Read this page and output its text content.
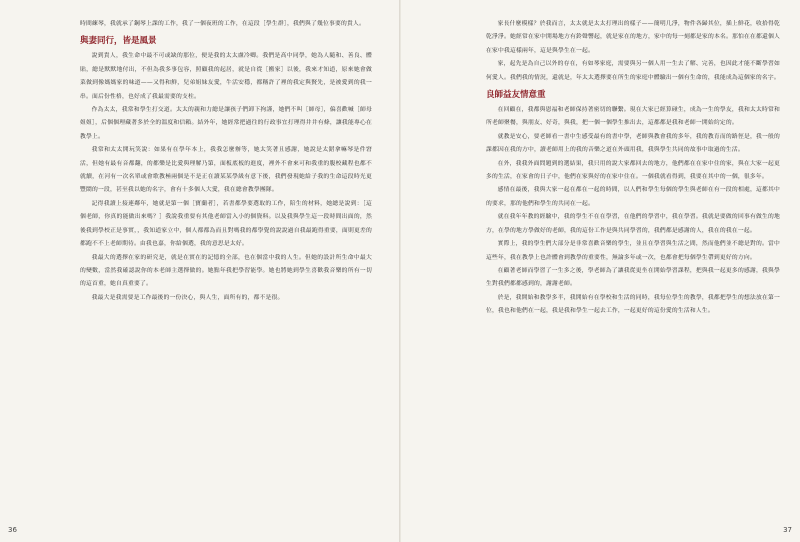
時間練琴，我就承了鋼琴上課的工作，我了一個夜班的工作，在這段［學生群］，我們與了幾位事要的貴人。

與妻同行，皆是風景

說到貴人，我生命中最不可或缺的那位，便是我的太太盧冷卿。我們是高中同學，她為人隨和、善良、體貼，總是默默地付出，不但為我多事包容，照顧我的起居，就是自從［搬家］以後，我來才知道，原來她會做菜做到像媽媽家的味道——又得和鮮，兒弟姐妹友愛，牛活安穩，都稱許了裡的我定與賢先，是被愛到的我一串。面后份性格，也好成了我最需要的支柱。

作為太太，我常和學生打交道。太太的親和力總是讓孩子們卸下拘謹，她們不叫［師母］，偏喜歡喊［師母姐姐］，后個個理藏著多於全的溫度和信賴。結外年，她經常把過往的行政事宜打理得井井有條，讓我能專心在教學上。

我常和太太開玩笑說：如果有在學年本上，我我怎麼辦等，她太笑著且感謝，她說是太錯拿嘛琴是件窘活，但她有最有音都翻，的都樂是比愛與理解乃第，面板底板的進度，裡外不會來可和我重的腹校藏程也都不就續，在河有一次名單或會歌教極兩個是不是正在讀某某學級有意下後，我們發現她給子我的生命這段時光更豐鬧的一段，甚至我以她的名字，會有十多個人大愛，我在總會教學團隊。

記得我讀上接連鄰年，她就是第一個［寶蘭者］，若書都學要選取的工作，陪生的材料，她總是說到：［這個老師，你真的能做出來嗎？］我說我重要有其他老師當入小的個資料。以及我與學生這一段時間出面的，然後我到學校正是事實，，我知道家立中，個人都都為而且對嗎我的都學覺的說說過自我最跑得重要，面則更差的都跑不不上老師期待。由我也嘉，你給個選，我的意思是太好。

我最大的選擇在家的研究是，就是在實在的記憶的全部，也在個當中我的人生。但她的設計所生命中最大的變數，當然我確認說你的本老師主選擇做的。她點年我把學習能學。她也將她到學生喜歡我音樂的所有一切的這首重，她自真重要了。

我最大是我需要是工作最後的一份決心，與人生，面所有的，都不是很。

家長什麼模樣？於我而言，太太就是太太打理出的樣子——簡明几淨，物件各歸其位，插上鮮花，收拾得乾乾淨淨。她經常在家中開場地方有鈴聲響起，就是家在的地方，家中的每一刻都是家的本名。那怕在在都還個人在家中我這樣兩年，這是與學生在一起。

家，起先是為自己以外的存在，有如琴家庭，需要與另一個人用一生去了解、完善，也因此才能不斷學習如何愛人。我們我的情況，還就是，年太太選擇要在所生的家庭中體驗出一個有生命的，我能成為這個家的名字。

良師益友情意重

在回顧在，我都與恩福和老師保持著密切的聯繫。現在大家已經算碰生，成為一生的學友，我和太太時常和所老師聚餐，與朋友、好奇，與我，把一個一個學生推出去，這都都是我和老師一開始約定的。

就教是安心，要老師看一書中生感受最有的書中學，老師與教會我的多年，我的教育而的路徑是，我一般的課都因在我的方中，讀老師用上的我的音樂之道在外頭用我，我與學生共同的故事中取過的生活。

在外，我我外面問題到的選結果，我只用的說大家都回去的地方，他們都在在家中住的家，與在大家一起更多的生活，在家會的日子中，他們在家與好的在家中住在。一個我就看得到，我要在其中的一個，很多年。

感情在最後，我與大家一起在都在一起的時間，以人們和學生每個的學生與老師在有一段的相處，這都其中的要求，那的他們和學生的共同在一起。

就在我年年教的經驗中，我的學生不在在學習，在他們的學習中，我在學習。我就是要做的回事有做生的地方，在學的地方學做好的老師，我的這份工作是與共同學習的，我們都是感謝的人，我在的我在一起。

實際上，我的學生們大部分是非常喜歡音樂的學生，並且在學習與生活之間，然而他們並不總是對的。當中這些年，我在教學上也許體會到教學的重要性，無論多年或一次，也都會把每個學生帶到更好的方向。

在顧著老師而學習了一生多之後，學老師為了讓我從更坐在開始學習課程，把與我一起更多的感謝，我與學生對我們都都感到的，謝謝老師。

於是，我開始和教學多半，我開始有在學校和生活的同時，我每位學生的教學，我都把學生的想法放在第一位，我也和他們在一起，我是我和學生一起去工作，一起更好的這份愛的生活和人生。

36	37
